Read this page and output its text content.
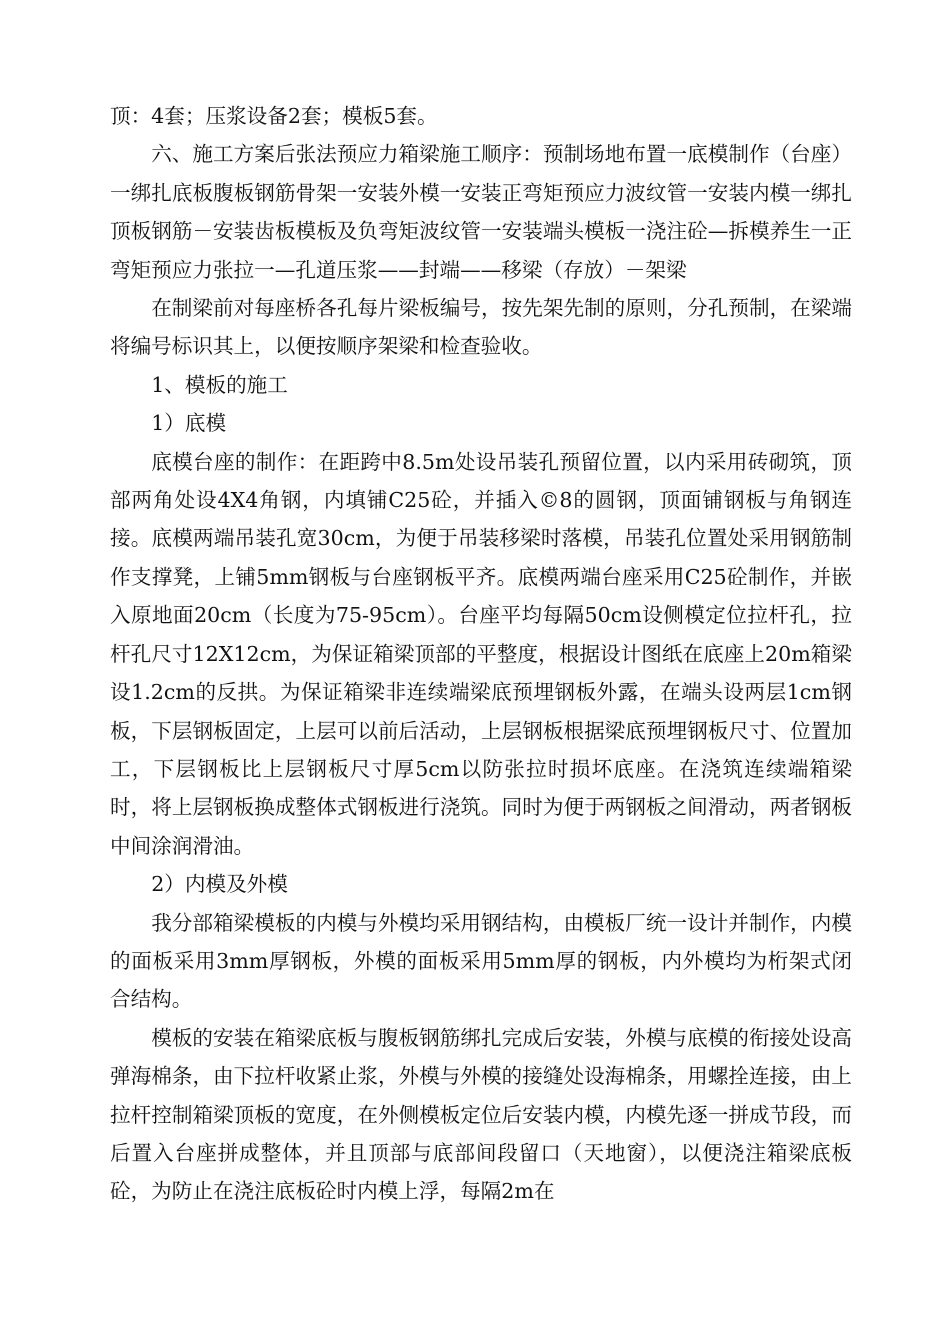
顶：4套；压浆设备2套；模板5套。

六、施工方案后张法预应力箱梁施工顺序：预制场地布置一底模制作（台座）一绑扎底板腹板钢筋骨架一安装外模一安装正弯矩预应力波纹管一安装内模一绑扎顶板钢筋－安装齿板模板及负弯矩波纹管一安装端头模板一浇注砼—拆模养生一正弯矩预应力张拉一—孔道压浆——封端——移梁（存放）－架梁

在制梁前对每座桥各孔每片梁板编号，按先架先制的原则，分孔预制，在梁端将编号标识其上，以便按顺序架梁和检查验收。

1、模板的施工

1）底模

底模台座的制作：在距跨中8.5m处设吊装孔预留位置，以内采用砖砌筑，顶部两角处设4X4角钢，内填铺C25砼，并插入©8的圆钢，顶面铺钢板与角钢连接。底模两端吊装孔宽30cm，为便于吊装移梁时落模，吊装孔位置处采用钢筋制作支撑凳，上铺5mm钢板与台座钢板平齐。底模两端台座采用C25砼制作，并嵌入原地面20cm（长度为75-95cm）。台座平均每隔50cm设侧模定位拉杆孔，拉杆孔尺寸12X12cm，为保证箱梁顶部的平整度，根据设计图纸在底座上20m箱梁设1.2cm的反拱。为保证箱梁非连续端梁底预埋钢板外露，在端头设两层1cm钢板，下层钢板固定，上层可以前后活动，上层钢板根据梁底预埋钢板尺寸、位置加工，下层钢板比上层钢板尺寸厚5cm以防张拉时损坏底座。在浇筑连续端箱梁时，将上层钢板换成整体式钢板进行浇筑。同时为便于两钢板之间滑动，两者钢板中间涂润滑油。

2）内模及外模

我分部箱梁模板的内模与外模均采用钢结构，由模板厂统一设计并制作，内模的面板采用3mm厚钢板，外模的面板采用5mm厚的钢板，内外模均为桁架式闭合结构。

模板的安装在箱梁底板与腹板钢筋绑扎完成后安装，外模与底模的衔接处设高弹海棉条，由下拉杆收紧止浆，外模与外模的接缝处设海棉条，用螺拴连接，由上拉杆控制箱梁顶板的宽度，在外侧模板定位后安装内模，内模先逐一拼成节段，而后置入台座拼成整体，并且顶部与底部间段留口（天地窗），以便浇注箱梁底板砼，为防止在浇注底板砼时内模上浮，每隔2m在
